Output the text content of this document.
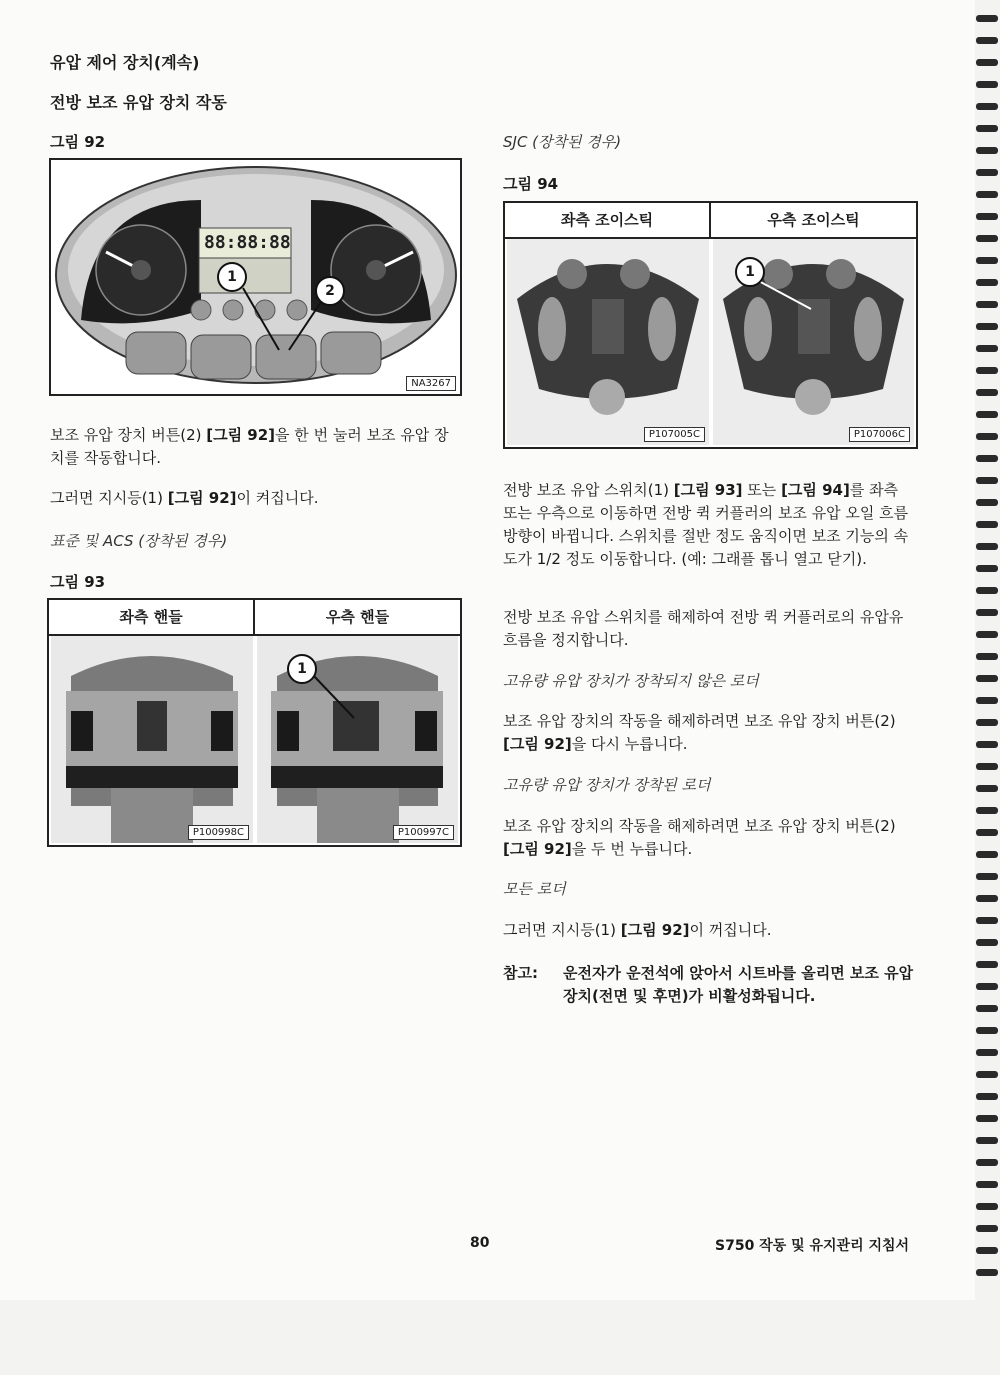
유압 제어 장치(계속)
전방 보조 유압 장치 작동
그림 92
88:88:88
1
2
NA3267
보조 유압 장치 버튼(2) [그림 92]을 한 번 눌러 보조 유압 장치를 작동합니다.
그러면 지시등(1) [그림 92]이 켜집니다.
표준 및 ACS (장착된 경우)
그림 93
좌측 핸들	우측 핸들
P100998C
1
P100997C
SJC (장착된 경우)
그림 94
좌측 조이스틱	우측 조이스틱
P107005C
1
P107006C
전방 보조 유압 스위치(1) [그림 93] 또는 [그림 94]를 좌측 또는 우측으로 이동하면 전방 퀵 커플러의 보조 유압 오일 흐름 방향이 바뀝니다. 스위치를 절반 정도 움직이면 보조 기능의 속도가 1/2 정도 이동합니다. (예: 그래플 톱니 열고 닫기).
전방 보조 유압 스위치를 해제하여 전방 퀵 커플러로의 유압유 흐름을 정지합니다.
고유량 유압 장치가 장착되지 않은 로더
보조 유압 장치의 작동을 해제하려면 보조 유압 장치 버튼(2) [그림 92]을 다시 누릅니다.
고유량 유압 장치가 장착된 로더
보조 유압 장치의 작동을 해제하려면 보조 유압 장치 버튼(2) [그림 92]을 두 번 누릅니다.
모든 로더
그러면 지시등(1) [그림 92]이 꺼집니다.
참고: 운전자가 운전석에 앉아서 시트바를 올리면 보조 유압 장치(전면 및 후면)가 비활성화됩니다.
80	S750 작동 및 유지관리 지침서
